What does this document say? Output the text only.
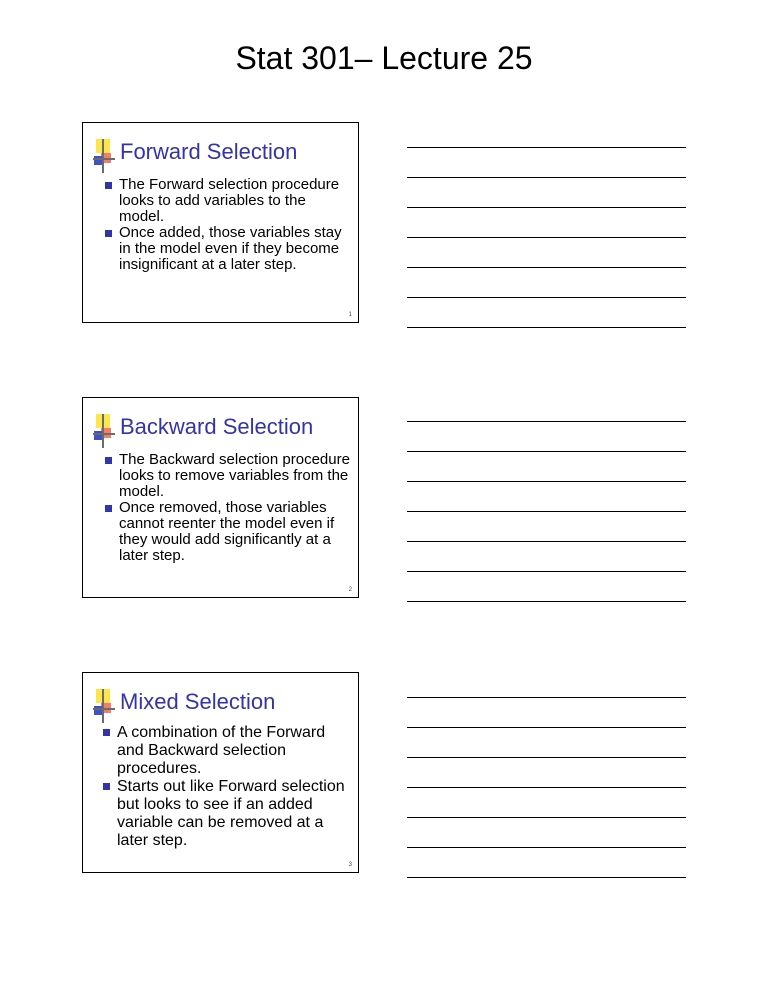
Stat 301– Lecture 25
Forward Selection
The Forward selection procedure looks to add variables to the model.
Once added, those variables stay in the model even if they become insignificant at a later step.
1
Backward Selection
The Backward selection procedure looks to remove variables from the model.
Once removed, those variables cannot reenter the model even if they would add significantly at a later step.
2
Mixed Selection
A combination of the Forward and Backward selection procedures.
Starts out like Forward selection but looks to see if an added variable can be removed at a later step.
3
